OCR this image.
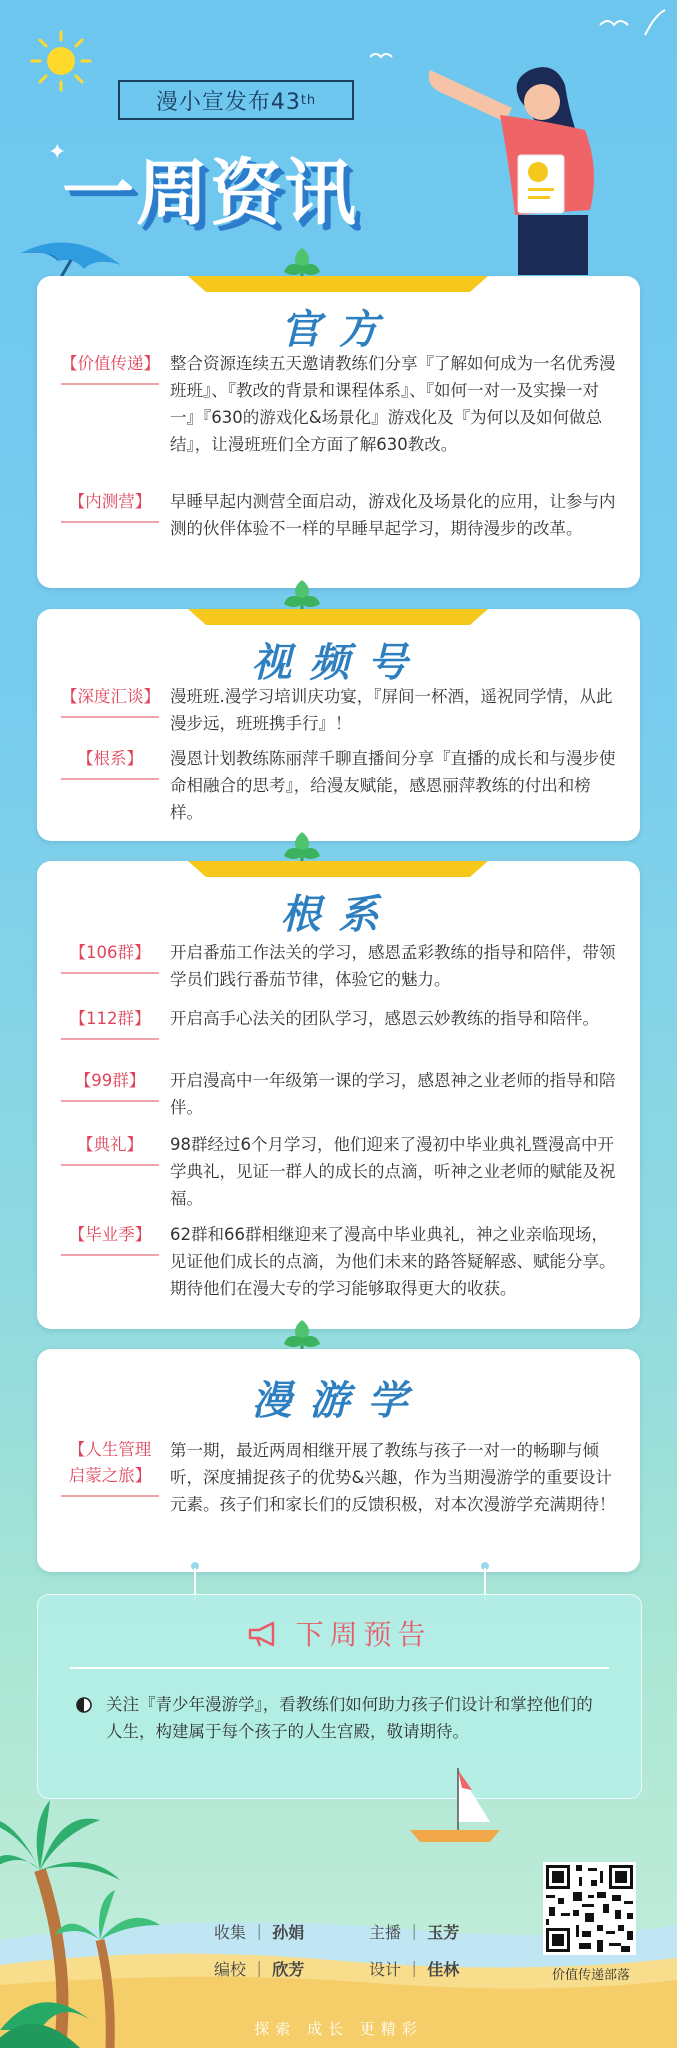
漫小宣发布43 th
✦
一周资讯
官方
【价值传递】 整合资源连续五天邀请教练们分享『了解如何成为一名优秀漫班班』、『教改的背景和课程体系』、『如何一对一及实操一对一』『630的游戏化&场景化』游戏化及『为何以及如何做总结』，让漫班班们全方面了解630教改。
【内测营】	早睡早起内测营全面启动，游戏化及场景化的应用，让参与内测的伙伴体验不一样的早睡早起学习，期待漫步的改革。
视频号
【深度汇谈】 漫班班.漫学习培训庆功宴，『屏间一杯酒，遥祝同学情，从此漫步远，班班携手行』！
【根系】	漫恩计划教练陈丽萍千聊直播间分享『直播的成长和与漫步使命相融合的思考』，给漫友赋能，感恩丽萍教练的付出和榜样。
根系
【106群】	开启番茄工作法关的学习，感恩孟彩教练的指导和陪伴，带领学员们践行番茄节律，体验它的魅力。
【112群】	开启高手心法关的团队学习，感恩云妙教练的指导和陪伴。
【99群】	开启漫高中一年级第一课的学习，感恩神之业老师的指导和陪伴。
【典礼】	98群经过6个月学习，他们迎来了漫初中毕业典礼暨漫高中开学典礼，见证一群人的成长的点滴，听神之业老师的赋能及祝福。
【毕业季】	62群和66群相继迎来了漫高中毕业典礼，神之业亲临现场，见证他们成长的点滴，为他们未来的路答疑解惑、赋能分享。期待他们在漫大专的学习能够取得更大的收获。
漫游学
【人生管理启蒙之旅】
第一期，最近两周相继开展了教练与孩子一对一的畅聊与倾听，深度捕捉孩子的优势&兴趣，作为当期漫游学的重要设计元素。孩子们和家长们的反馈积极，对本次漫游学充满期待！
下周预告
关注『青少年漫游学』，看教练们如何助力孩子们设计和掌控他们的人生，构建属于每个孩子的人生宫殿，敬请期待。
收集 ｜ 孙娟	主播 ｜ 玉芳
编校 ｜ 欣芳	设计 ｜ 佳林	价值传递部落
探索 成长 更精彩
